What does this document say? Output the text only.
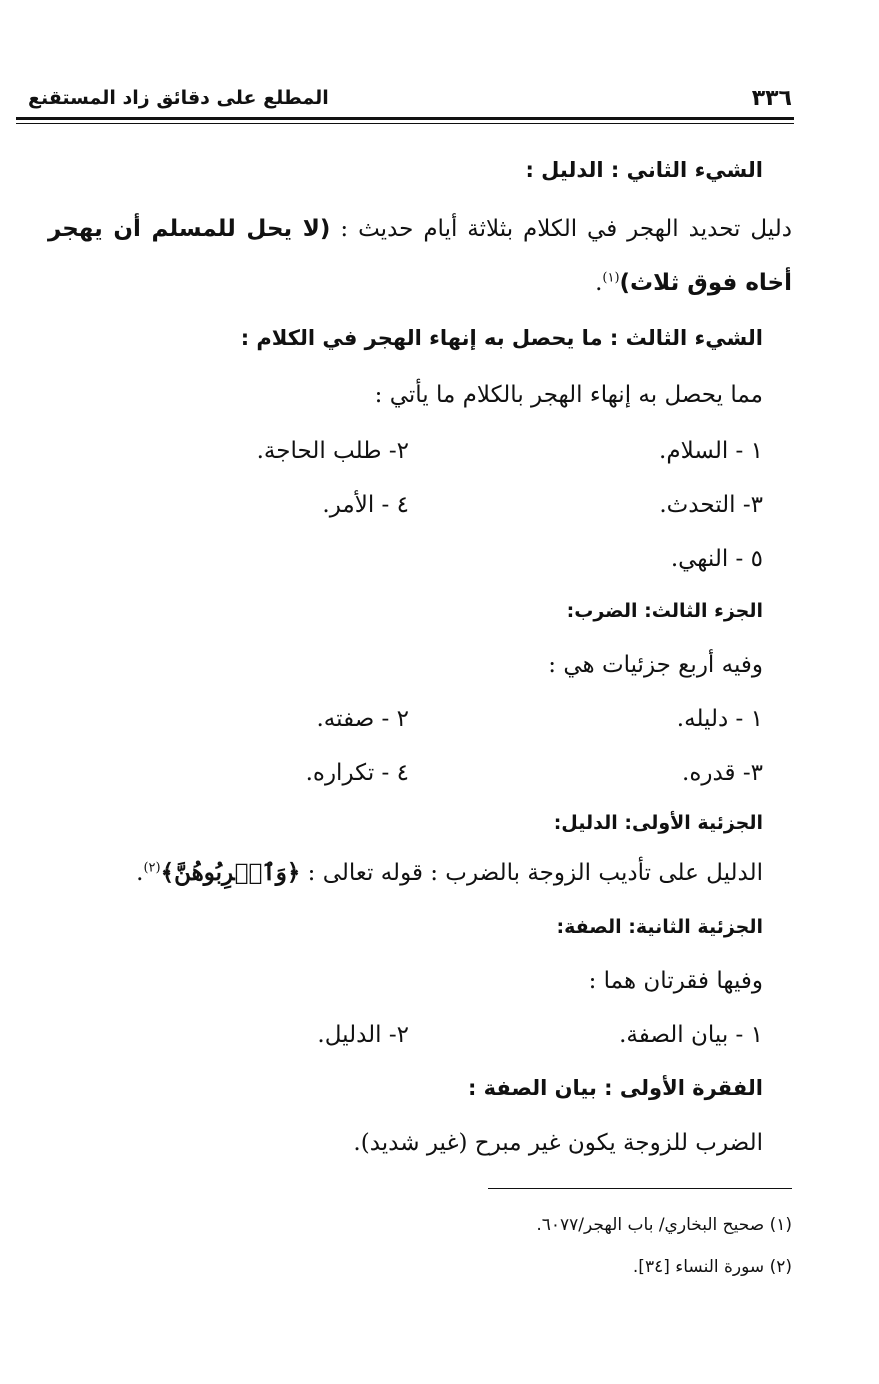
٣٣٦
المطلع على دقائق زاد المستقنع
الشيء الثاني : الدليل :
دليل تحديد الهجر في الكلام بثلاثة أيام حديث : (لا يحل للمسلم أن يهجر
أخاه فوق ثلاث)$^{(١)}$.
الشيء الثالث : ما يحصل به إنهاء الهجر في الكلام :
مما يحصل به إنهاء الهجر بالكلام ما يأتي :
١ - السلام.
٢- طلب الحاجة.
٣- التحدث.
٤ - الأمر.
٥ - النهي.
الجزء الثالث: الضرب:
وفيه أربع جزئيات هي :
١ - دليله.
٢ - صفته.
٣- قدره.
٤ - تكراره.
الجزئية الأولى: الدليل:
الدليل على تأديب الزوجة بالضرب : قوله تعالى : ﴿وَٱضۡرِبُوهُنَّ﴾$^{(٢)}$.
الجزئية الثانية: الصفة:
وفيها فقرتان هما :
١ - بيان الصفة.
٢- الدليل.
الفقرة الأولى : بيان الصفة :
الضرب للزوجة يكون غير مبرح (غير شديد).
(١) صحيح البخاري/ باب الهجر/٦٠٧٧.
(٢) سورة النساء [٣٤].
